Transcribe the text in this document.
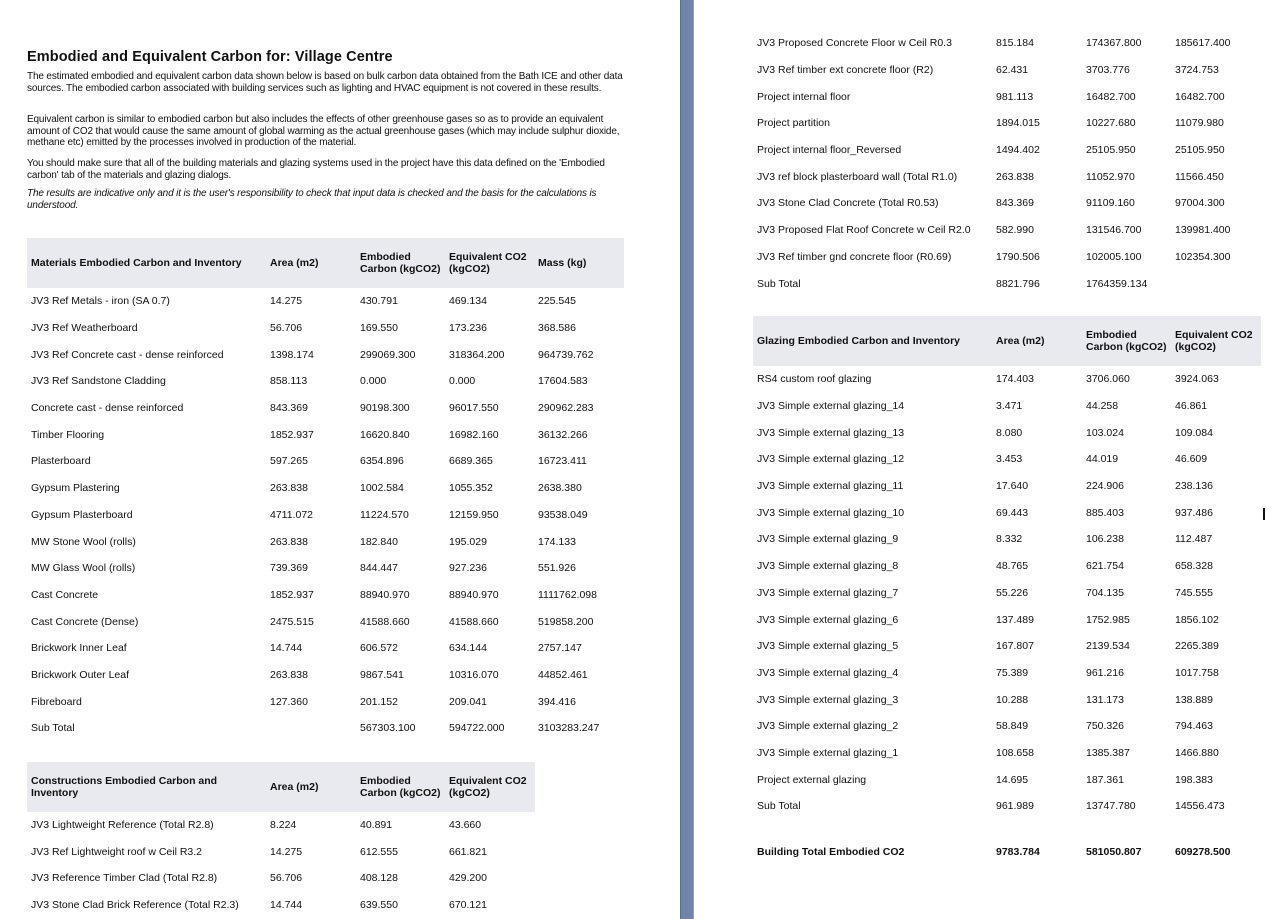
Embodied and Equivalent Carbon for: Village Centre

The estimated embodied and equivalent carbon data shown below is based on bulk carbon data obtained from the Bath ICE and other data sources. The embodied carbon associated with building services such as lighting and HVAC equipment is not covered in these results.

Equivalent carbon is similar to embodied carbon but also includes the effects of other greenhouse gases so as to provide an equivalent amount of CO2 that would cause the same amount of global warming as the actual greenhouse gases (which may include sulphur dioxide, methane etc) emitted by the processes involved in production of the material.

You should make sure that all of the building materials and glazing systems used in the project have this data defined on the 'Embodied carbon' tab of the materials and glazing dialogs.

The results are indicative only and it is the user's responsibility to check that input data is checked and the basis for the calculations is understood.

Materials Embodied Carbon and Inventory	Area (m2)	Embodied Carbon (kgCO2)	Equivalent CO2 (kgCO2)	Mass (kg)
JV3 Ref Metals - iron (SA 0.7)	14.275	430.791	469.134	225.545
JV3 Ref Weatherboard	56.706	169.550	173.236	368.586
JV3 Ref Concrete cast - dense reinforced	1398.174	299069.300	318364.200	964739.762
JV3 Ref Sandstone Cladding	858.113	0.000	0.000	17604.583
Concrete cast - dense reinforced	843.369	90198.300	96017.550	290962.283
Timber Flooring	1852.937	16620.840	16982.160	36132.266
Plasterboard	597.265	6354.896	6689.365	16723.411
Gypsum Plastering	263.838	1002.584	1055.352	2638.380
Gypsum Plasterboard	4711.072	11224.570	12159.950	93538.049
MW Stone Wool (rolls)	263.838	182.840	195.029	174.133
MW Glass Wool (rolls)	739.369	844.447	927.236	551.926
Cast Concrete	1852.937	88940.970	88940.970	1111762.098
Cast Concrete (Dense)	2475.515	41588.660	41588.660	519858.200
Brickwork Inner Leaf	14.744	606.572	634.144	2757.147
Brickwork Outer Leaf	263.838	9867.541	10316.070	44852.461
Fibreboard	127.360	201.152	209.041	394.416
Sub Total		567303.100	594722.000	3103283.247
Constructions Embodied Carbon and Inventory	Area (m2)	Embodied Carbon (kgCO2)	Equivalent CO2 (kgCO2)
JV3 Lightweight Reference (Total R2.8)	8.224	40.891	43.660
JV3 Ref Lightweight roof w Ceil R3.2	14.275	612.555	661.821
JV3 Reference Timber Clad (Total R2.8)	56.706	408.128	429.200
JV3 Stone Clad Brick Reference (Total R2.3)	14.744	639.550	670.121
JV3 Proposed Concrete Floor w Ceil R0.3	815.184	174367.800	185617.400
JV3 Ref timber ext concrete floor (R2)	62.431	3703.776	3724.753
Project internal floor	981.113	16482.700	16482.700
Project partition	1894.015	10227.680	11079.980
Project internal floor_Reversed	1494.402	25105.950	25105.950
JV3 ref block plasterboard wall (Total R1.0)	263.838	11052.970	11566.450
JV3 Stone Clad Concrete (Total R0.53)	843.369	91109.160	97004.300
JV3 Proposed Flat Roof Concrete w Ceil R2.0	582.990	131546.700	139981.400
JV3 Ref timber gnd concrete floor (R0.69)	1790.506	102005.100	102354.300
Sub Total	8821.796	1764359.134	
Glazing Embodied Carbon and Inventory	Area (m2)	Embodied Carbon (kgCO2)	Equivalent CO2 (kgCO2)
RS4 custom roof glazing	174.403	3706.060	3924.063
JV3 Simple external glazing_14	3.471	44.258	46.861
JV3 Simple external glazing_13	8.080	103.024	109.084
JV3 Simple external glazing_12	3.453	44.019	46.609
JV3 Simple external glazing_11	17.640	224.906	238.136
JV3 Simple external glazing_10	69.443	885.403	937.486
JV3 Simple external glazing_9	8.332	106.238	112.487
JV3 Simple external glazing_8	48.765	621.754	658.328
JV3 Simple external glazing_7	55.226	704.135	745.555
JV3 Simple external glazing_6	137.489	1752.985	1856.102
JV3 Simple external glazing_5	167.807	2139.534	2265.389
JV3 Simple external glazing_4	75.389	961.216	1017.758
JV3 Simple external glazing_3	10.288	131.173	138.889
JV3 Simple external glazing_2	58.849	750.326	794.463
JV3 Simple external glazing_1	108.658	1385.387	1466.880
Project external glazing	14.695	187.361	198.383
Sub Total	961.989	13747.780	14556.473
Building Total Embodied CO2	9783.784	581050.807	609278.500
